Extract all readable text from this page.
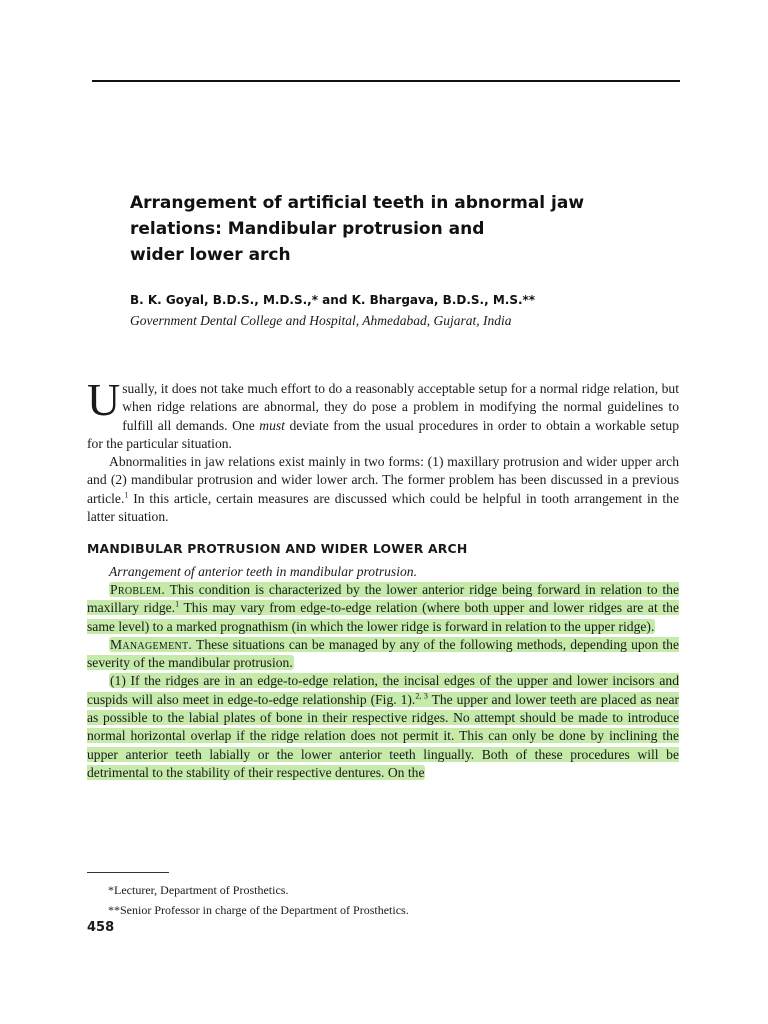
Arrangement of artificial teeth in abnormal jaw
relations: Mandibular protrusion and
wider lower arch
B. K. Goyal, B.D.S., M.D.S.,* and K. Bhargava, B.D.S., M.S.**
Government Dental College and Hospital, Ahmedabad, Gujarat, India

Usually, it does not take much effort to do a reasonably acceptable setup for a normal ridge relation, but when ridge relations are abnormal, they do pose a problem in modifying the normal guidelines to fulfill all demands. One must deviate from the usual procedures in order to obtain a workable setup for the particular situation.

Abnormalities in jaw relations exist mainly in two forms: (1) maxillary protrusion and wider upper arch and (2) mandibular protrusion and wider lower arch. The former problem has been discussed in a previous article.$^1$ In this article, certain measures are discussed which could be helpful in tooth arrangement in the latter situation.

MANDIBULAR PROTRUSION AND WIDER LOWER ARCH

Arrangement of anterior teeth in mandibular protrusion.

Problem. This condition is characterized by the lower anterior ridge being forward in relation to the maxillary ridge.$^1$ This may vary from edge-to-edge relation (where both upper and lower ridges are at the same level) to a marked prognathism (in which the lower ridge is forward in relation to the upper ridge).

Management. These situations can be managed by any of the following methods, depending upon the severity of the mandibular protrusion.

(1) If the ridges are in an edge-to-edge relation, the incisal edges of the upper and lower incisors and cuspids will also meet in edge-to-edge relationship (Fig. 1).$^{2, 3}$ The upper and lower teeth are placed as near as possible to the labial plates of bone in their respective ridges. No attempt should be made to introduce normal horizontal overlap if the ridge relation does not permit it. This can only be done by inclining the upper anterior teeth labially or the lower anterior teeth lingually. Both of these procedures will be detrimental to the stability of their respective dentures. On the

*Lecturer, Department of Prosthetics.
**Senior Professor in charge of the Department of Prosthetics.
458
